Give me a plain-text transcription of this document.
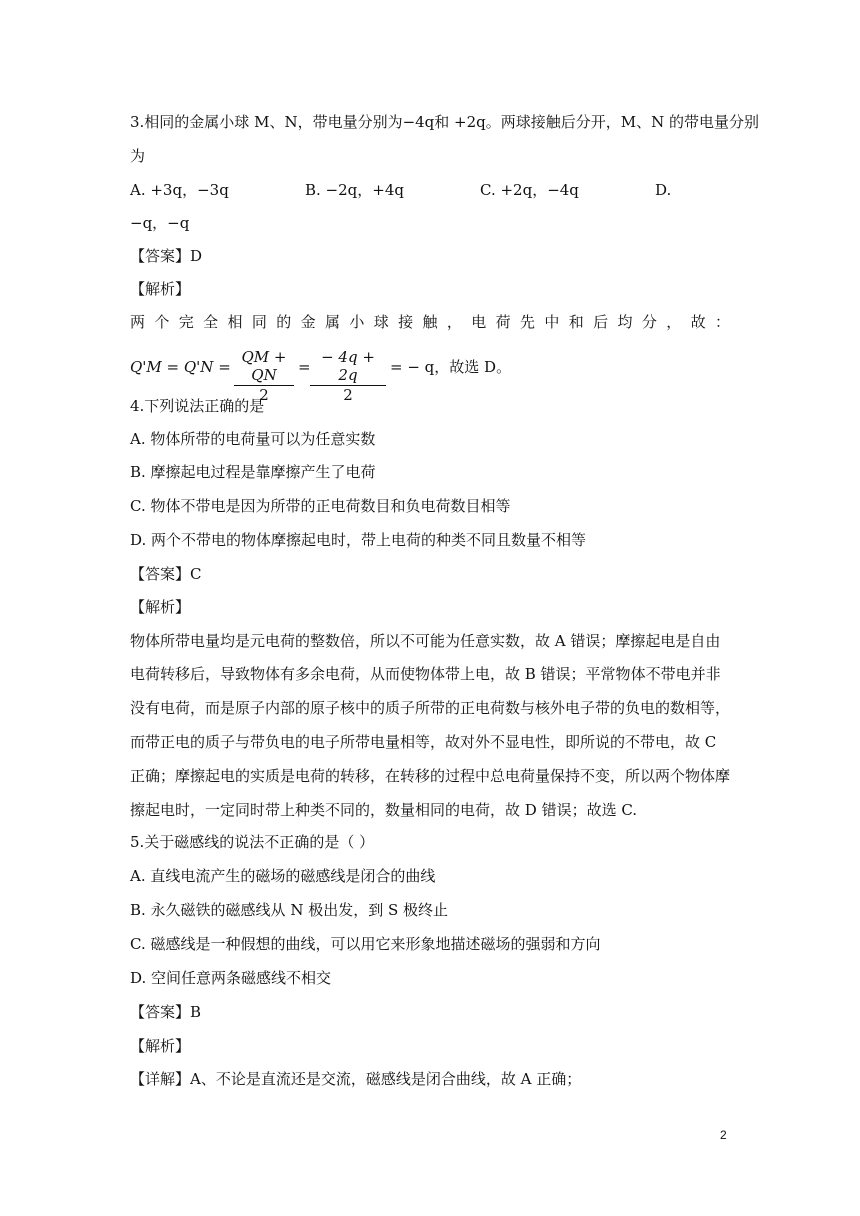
3.相同的金属小球 M、N，带电量分别为−4q和 +2q。两球接触后分开，M、N 的带电量分别
为
A. +3q，−3q	B. −2q，+4q	C. +2q，−4q	D.
−q，−q
【答案】D
【解析】
两 个 完 全 相 同 的 金 属 小 球 接 触 ， 电 荷 先 中 和 后 均 分 ， 故 ：
$Q'M = Q'N = \frac{QM + QN}{2} = \frac{- 4q + 2q}{2}$ = − q，故选 D。
4.下列说法正确的是
A. 物体所带的电荷量可以为任意实数
B. 摩擦起电过程是靠摩擦产生了电荷
C. 物体不带电是因为所带的正电荷数目和负电荷数目相等
D. 两个不带电的物体摩擦起电时，带上电荷的种类不同且数量不相等
【答案】C
【解析】
物体所带电量均是元电荷的整数倍，所以不可能为任意实数，故 A 错误；摩擦起电是自由
电荷转移后，导致物体有多余电荷，从而使物体带上电，故 B 错误；平常物体不带电并非
没有电荷，而是原子内部的原子核中的质子所带的正电荷数与核外电子带的负电的数相等，
而带正电的质子与带负电的电子所带电量相等，故对外不显电性，即所说的不带电，故 C
正确；摩擦起电的实质是电荷的转移，在转移的过程中总电荷量保持不变，所以两个物体摩
擦起电时，一定同时带上种类不同的，数量相同的电荷，故 D 错误；故选 C.
5.关于磁感线的说法不正确的是（ ）
A. 直线电流产生的磁场的磁感线是闭合的曲线
B. 永久磁铁的磁感线从 N 极出发，到 S 极终止
C. 磁感线是一种假想的曲线，可以用它来形象地描述磁场的强弱和方向
D. 空间任意两条磁感线不相交
【答案】B
【解析】
【详解】A、不论是直流还是交流，磁感线是闭合曲线，故 A 正确；
2
